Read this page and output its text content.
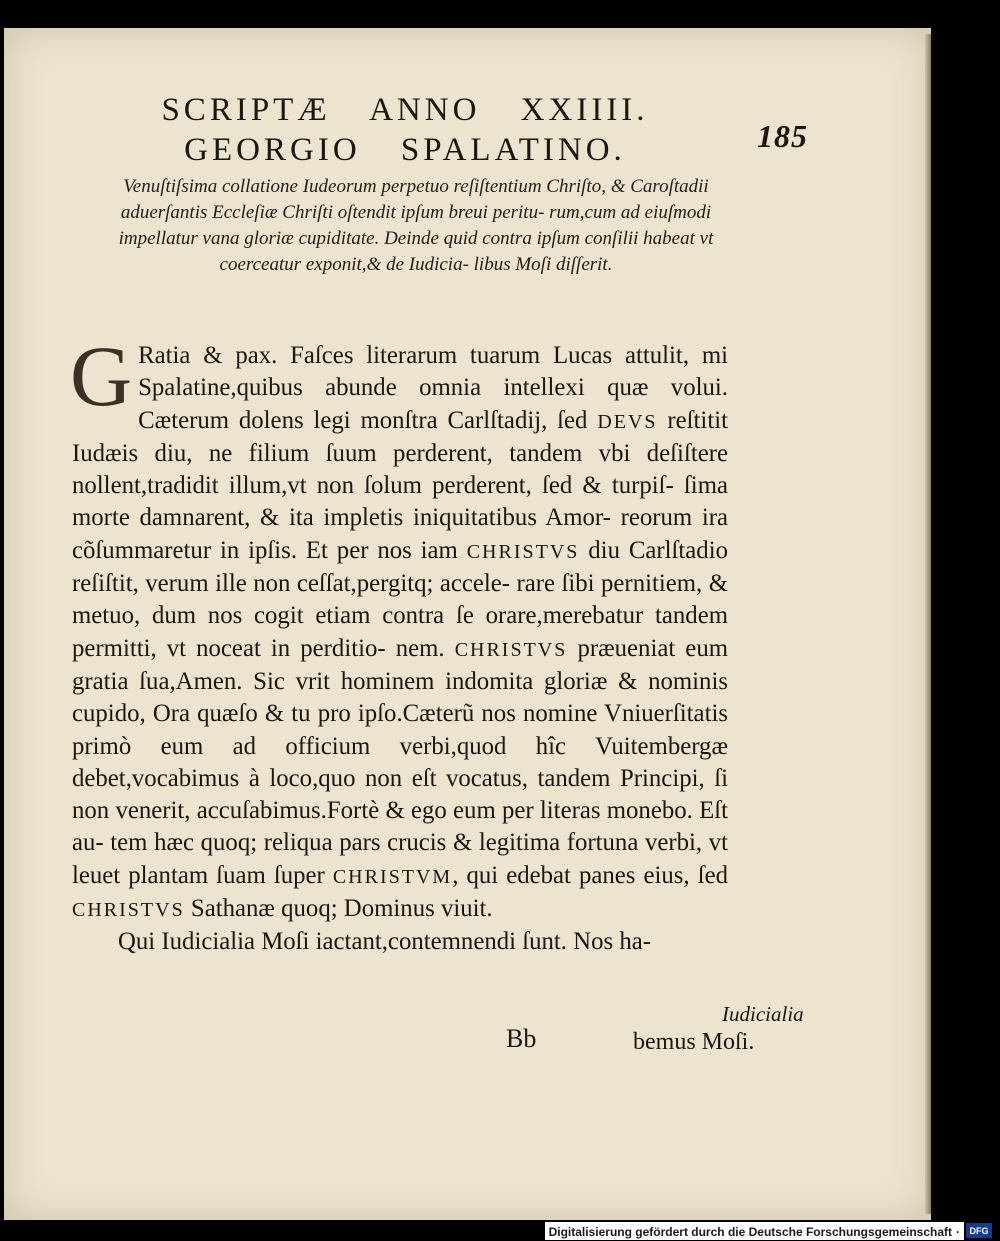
185
SCRIPTÆ ANNO XXIIII.
GEORGIO SPALATINO.
Venuſtiſsima collatione Iudeorum perpetuo reſiſtentium Chriſto, & Caroſtadii aduerſantis Eccleſiæ Chriſti oſtendit ipſum breui peritu- rum,cum ad eiuſmodi impellatur vana gloriæ cupiditate. Deinde quid contra ipſum conſilii habeat vt coerceatur exponit,& de Iudicia- libus Moſi diſſerit.

G Ratia & pax. Faſces literarum tuarum Lucas attulit, mi Spalatine,quibus abunde omnia intellexi quæ volui. Cæterum dolens legi monſtra Carlſtadij, ſed DEVS reſtitit Iudæis diu, ne filium ſuum perderent, tandem vbi deſiſtere nollent,tradidit illum,vt non ſolum perderent, ſed & turpiſ- ſima morte damnarent, & ita impletis iniquitatibus Amor- reorum ira cõſummaretur in ipſis. Et per nos iam CHRISTVS diu Carlſtadio reſiſtit, verum ille non ceſſat,pergitq; accele- rare ſibi pernitiem, & metuo, dum nos cogit etiam contra ſe orare,merebatur tandem permitti, vt noceat in perditio- nem. CHRISTVS præueniat eum gratia ſua,Amen. Sic vrit hominem indomita gloriæ & nominis cupido, Ora quæſo & tu pro ipſo.Cæterũ nos nomine Vniuerſitatis primò eum ad officium verbi,quod hîc Vuitembergæ debet,vocabimus à loco,quo non eſt vocatus, tandem Principi, ſi non venerit, accuſabimus.Fortè & ego eum per literas monebo. Eſt au- tem hæc quoq; reliqua pars crucis & legitima fortuna verbi, vt leuet plantam ſuam ſuper CHRISTVM, qui edebat panes eius, ſed CHRISTVS Sathanæ quoq; Dominus viuit.

Qui Iudicialia Moſi iactant,contemnendi ſunt. Nos ha-

Iudicialia
Bb	bemus Moſi.
Digitalisierung gefördert durch die Deutsche Forschungsgemeinschaft ·	DFG
